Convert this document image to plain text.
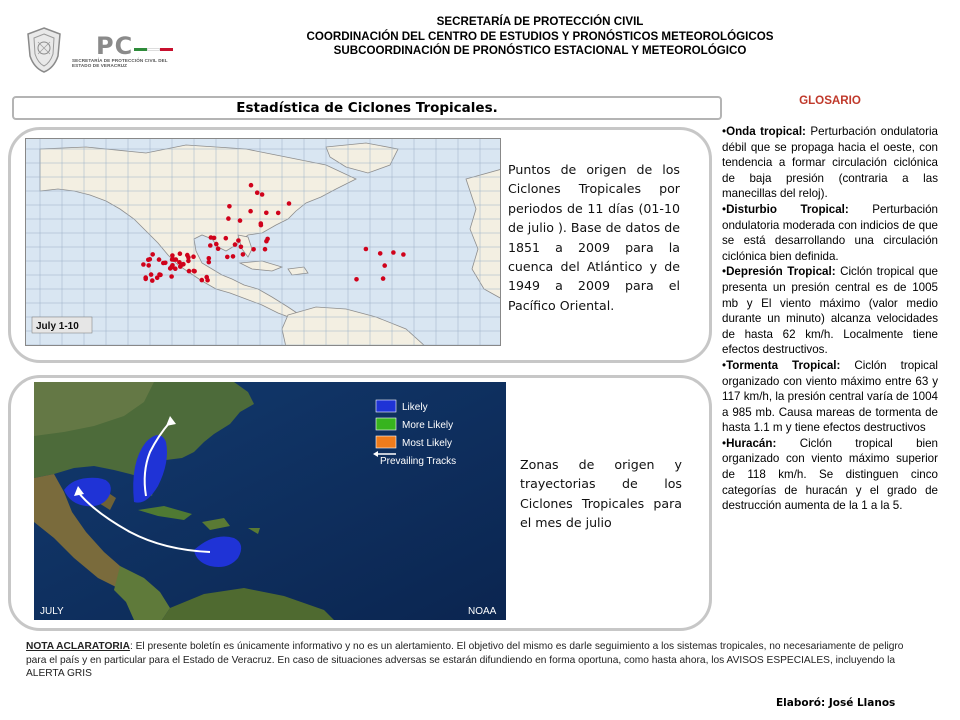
PC
SECRETARÍA DE PROTECCIÓN CIVIL DEL ESTADO DE VERACRUZ
SECRETARÍA DE PROTECCIÓN CIVIL
COORDINACIÓN DEL CENTRO DE ESTUDIOS Y PRONÓSTICOS METEOROLÓGICOS
SUBCOORDINACIÓN DE PRONÓSTICO ESTACIONAL Y METEOROLÓGICO
Estadística de Ciclones Tropicales.
July 1-10
Puntos de origen de los Ciclones Tropicales por periodos de 11 días (01-10 de julio ). Base de datos de 1851 a 2009 para la cuenca del Atlántico y de 1949 a 2009 para el Pacífico Oriental.
Likely
More Likely
Most Likely
Prevailing Tracks
JULY	NOAA
Zonas de origen y trayectorias de los Ciclones Tropicales para el mes de julio
GLOSARIO
•Onda tropical: Perturbación ondulatoria débil que se propaga hacia el oeste, con tendencia a formar circulación ciclónica de baja presión (contraria a las manecillas del reloj).
•Disturbio Tropical: Perturbación ondulatoria moderada con indicios de que se está desarrollando una circulación ciclónica bien definida.
•Depresión Tropical: Ciclón tropical que presenta un presión central es de 1005 mb y El viento máximo (valor medio durante un minuto) alcanza velocidades de hasta 62 km/h. Localmente tiene efectos destructivos.
•Tormenta Tropical: Ciclón tropical organizado con viento máximo entre 63 y 117 km/h, la presión central varía de 1004 a 985 mb. Causa mareas de tormenta de hasta 1.1 m y tiene efectos destructivos
•Huracán: Ciclón tropical bien organizado con viento máximo superior de 118 km/h. Se distinguen cinco categorías de huracán y el grado de destrucción aumenta de la 1 a la 5.
NOTA ACLARATORIA: El presente boletín es únicamente informativo y no es un alertamiento. El objetivo del mismo es darle seguimiento a los sistemas tropicales, no necesariamente de peligro para el país y en particular para el Estado de Veracruz. En caso de situaciones adversas se estarán difundiendo en forma oportuna, como hasta ahora, los AVISOS ESPECIALES, incluyendo la ALERTA GRIS
Elaboró: José Llanos
